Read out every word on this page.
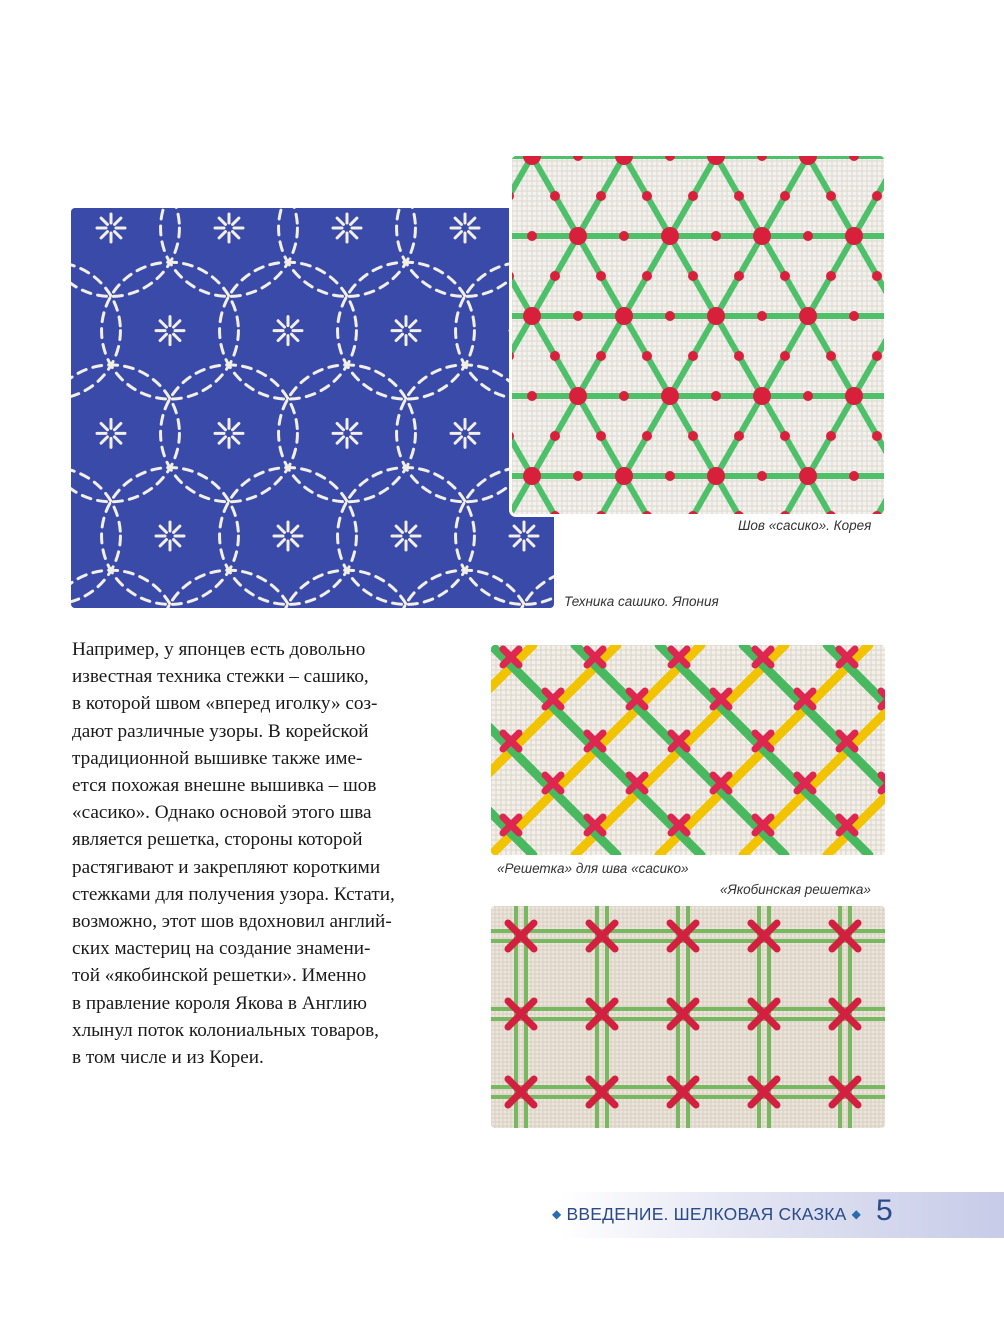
Шов «сасико». Корея
Техника сашико. Япония
«Решетка» для шва «сасико»
«Якобинская решетка»
Например, у японцев есть довольно
известная техника стежки – сашико,
в которой швом «вперед иголку» соз-
дают различные узоры. В корейской
традиционной вышивке также име-
ется похожая внешне вышивка – шов
«сасико». Однако основой этого шва
является решетка, стороны которой
растягивают и закрепляют короткими
стежками для получения узора. Кстати,
возможно, этот шов вдохновил англий-
ских мастериц на создание знамени-
той «якобинской решетки». Именно
в правление короля Якова в Англию
хлынул поток колониальных товаров,
в том числе и из Кореи.
◆ ВВЕДЕНИЕ. ШЕЛКОВАЯ СКАЗКА ◆ 5
